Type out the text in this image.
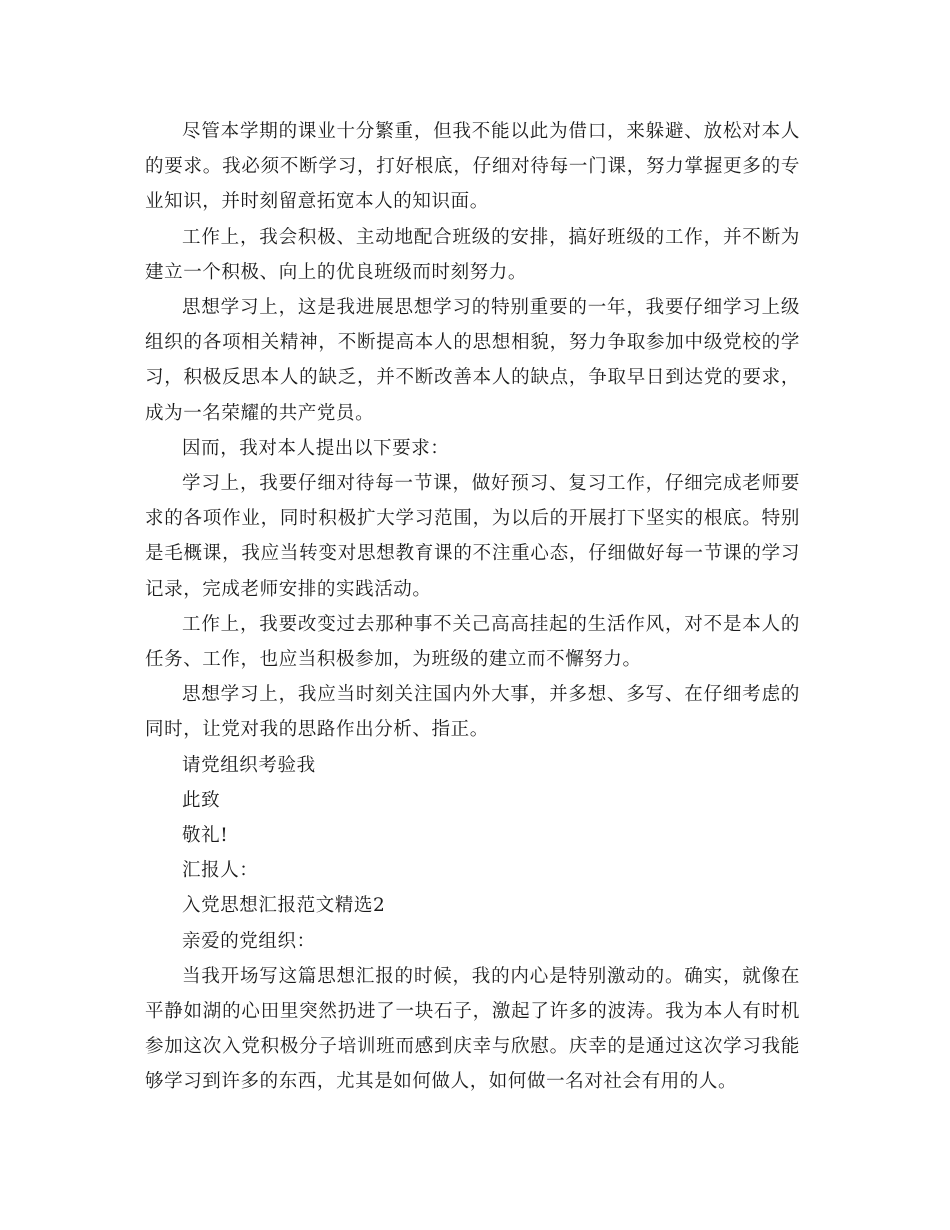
尽管本学期的课业十分繁重，但我不能以此为借口，来躲避、放松对本人的要求。我必须不断学习，打好根底，仔细对待每一门课，努力掌握更多的专业知识，并时刻留意拓宽本人的知识面。

工作上，我会积极、主动地配合班级的安排，搞好班级的工作，并不断为建立一个积极、向上的优良班级而时刻努力。

思想学习上，这是我进展思想学习的特别重要的一年，我要仔细学习上级组织的各项相关精神，不断提高本人的思想相貌，努力争取参加中级党校的学习，积极反思本人的缺乏，并不断改善本人的缺点，争取早日到达党的要求，成为一名荣耀的共产党员。

因而，我对本人提出以下要求：

学习上，我要仔细对待每一节课，做好预习、复习工作，仔细完成老师要求的各项作业，同时积极扩大学习范围，为以后的开展打下坚实的根底。特别是毛概课，我应当转变对思想教育课的不注重心态，仔细做好每一节课的学习记录，完成老师安排的实践活动。

工作上，我要改变过去那种事不关己高高挂起的生活作风，对不是本人的任务、工作，也应当积极参加，为班级的建立而不懈努力。

思想学习上，我应当时刻关注国内外大事，并多想、多写、在仔细考虑的同时，让党对我的思路作出分析、指正。

请党组织考验我

此致

敬礼!

汇报人：

入党思想汇报范文精选2

亲爱的党组织：

当我开场写这篇思想汇报的时候，我的内心是特别激动的。确实，就像在平静如湖的心田里突然扔进了一块石子，激起了许多的波涛。我为本人有时机参加这次入党积极分子培训班而感到庆幸与欣慰。庆幸的是通过这次学习我能够学习到许多的东西，尤其是如何做人，如何做一名对社会有用的人。
